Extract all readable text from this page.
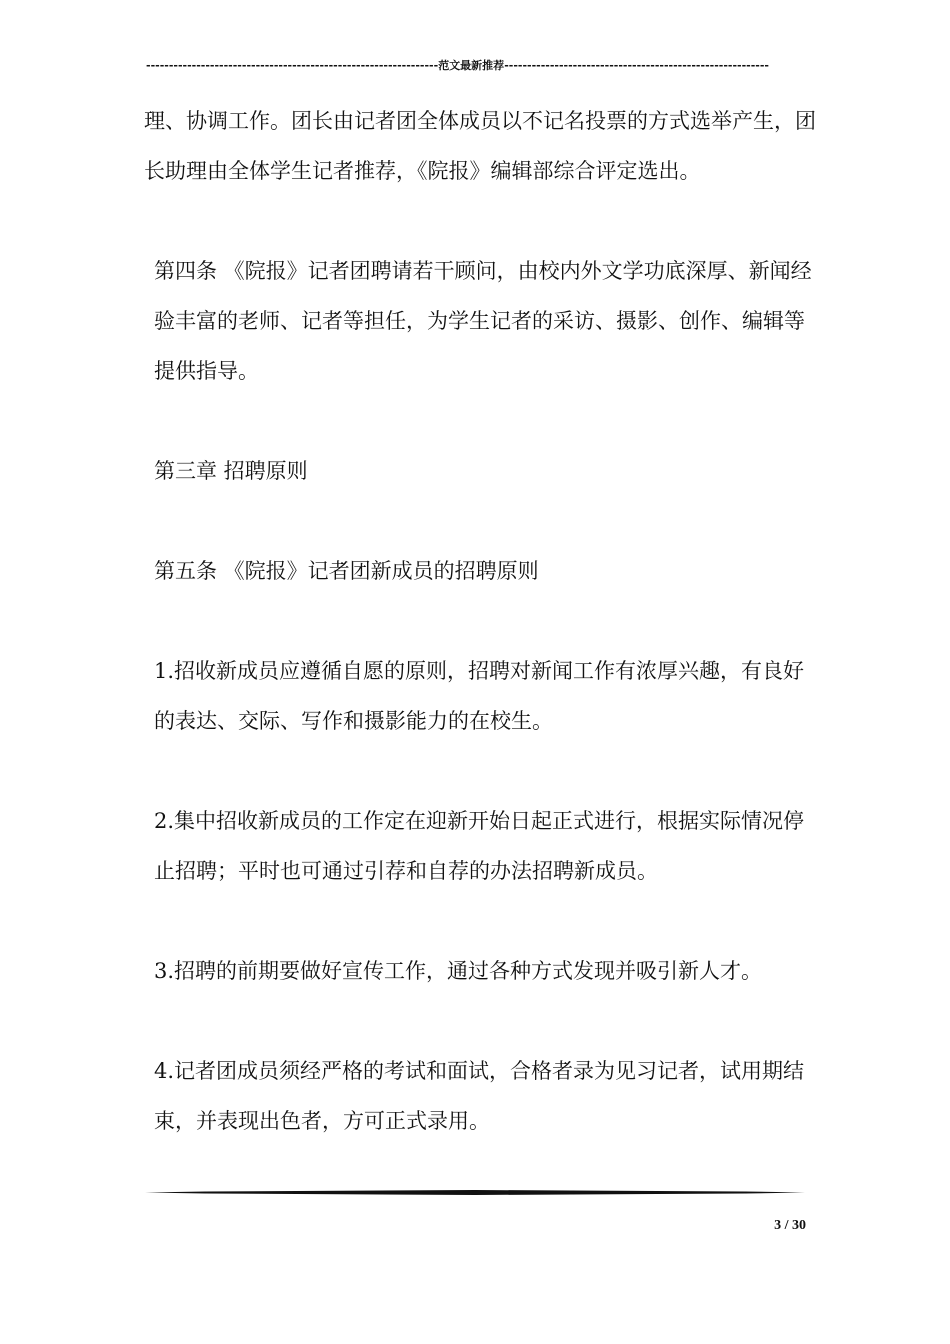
----------------------------------------------------------------范文最新推荐----------------------------------------------------------

理、协调工作。团长由记者团全体成员以不记名投票的方式选举产生，团长助理由全体学生记者推荐，《院报》编辑部综合评定选出。

第四条 《院报》记者团聘请若干顾问，由校内外文学功底深厚、新闻经验丰富的老师、记者等担任，为学生记者的采访、摄影、创作、编辑等提供指导。

第三章 招聘原则

第五条 《院报》记者团新成员的招聘原则

1.招收新成员应遵循自愿的原则，招聘对新闻工作有浓厚兴趣，有良好的表达、交际、写作和摄影能力的在校生。

2.集中招收新成员的工作定在迎新开始日起正式进行，根据实际情况停止招聘；平时也可通过引荐和自荐的办法招聘新成员。

3.招聘的前期要做好宣传工作，通过各种方式发现并吸引新人才。

4.记者团成员须经严格的考试和面试，合格者录为见习记者，试用期结束，并表现出色者，方可正式录用。

3 / 30
